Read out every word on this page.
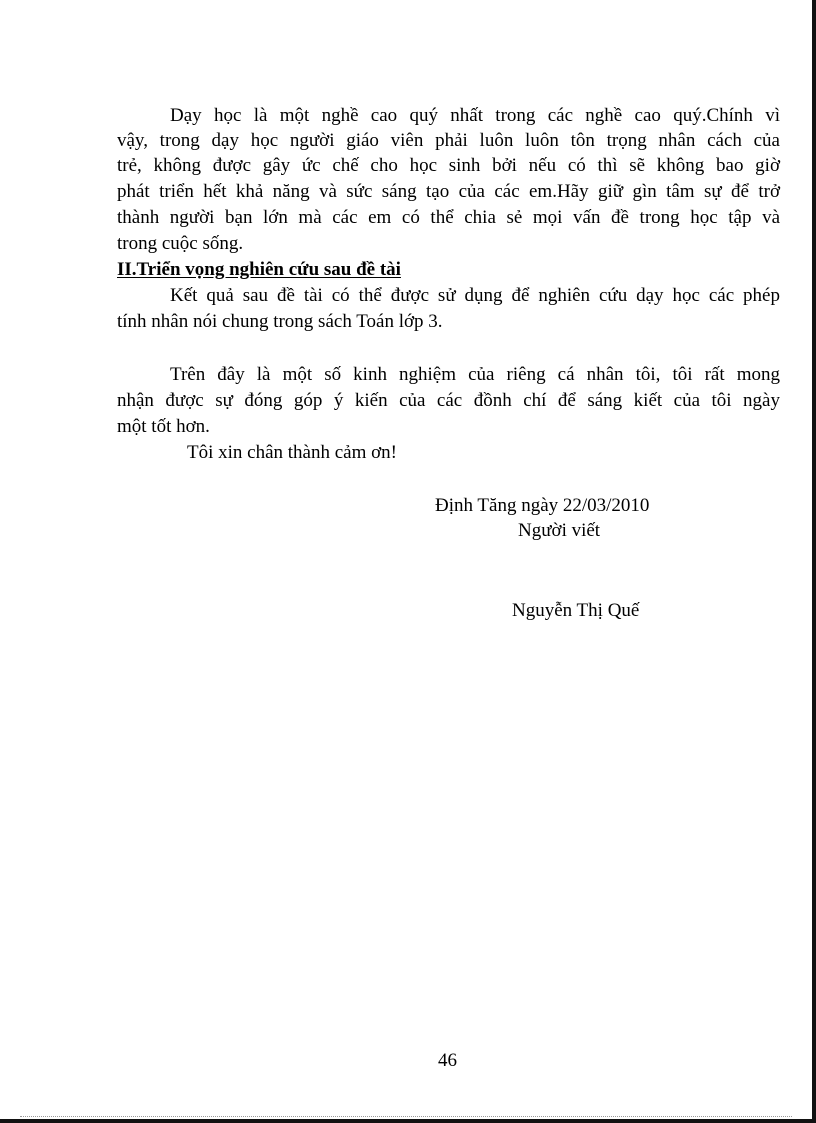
Dạy học là một nghề cao quý nhất trong các nghề cao quý.Chính vì
vậy, trong dạy học người giáo viên phải luôn luôn tôn trọng nhân cách của
trẻ, không được gây ức chế cho học sinh bởi nếu có thì sẽ không bao giờ
phát triển hết khả năng và sức sáng tạo của các em.Hãy giữ gìn tâm sự để trở
thành người bạn lớn mà các em có thể chia sẻ mọi vấn đề trong học tập và
trong cuộc sống.
II.Triển vọng nghiên cứu sau đề tài
Kết quả sau đề tài có thể được sử dụng để nghiên cứu dạy học các phép
tính nhân nói chung trong sách Toán lớp 3.
Trên đây là một số kinh nghiệm của riêng cá nhân tôi, tôi rất mong
nhận được sự đóng góp ý kiến của các đồnh chí để sáng kiết của tôi ngày
một tốt hơn.
Tôi xin chân thành cảm ơn!
Định Tăng ngày 22/03/2010
Người viết
Nguyễn Thị Quế
46
